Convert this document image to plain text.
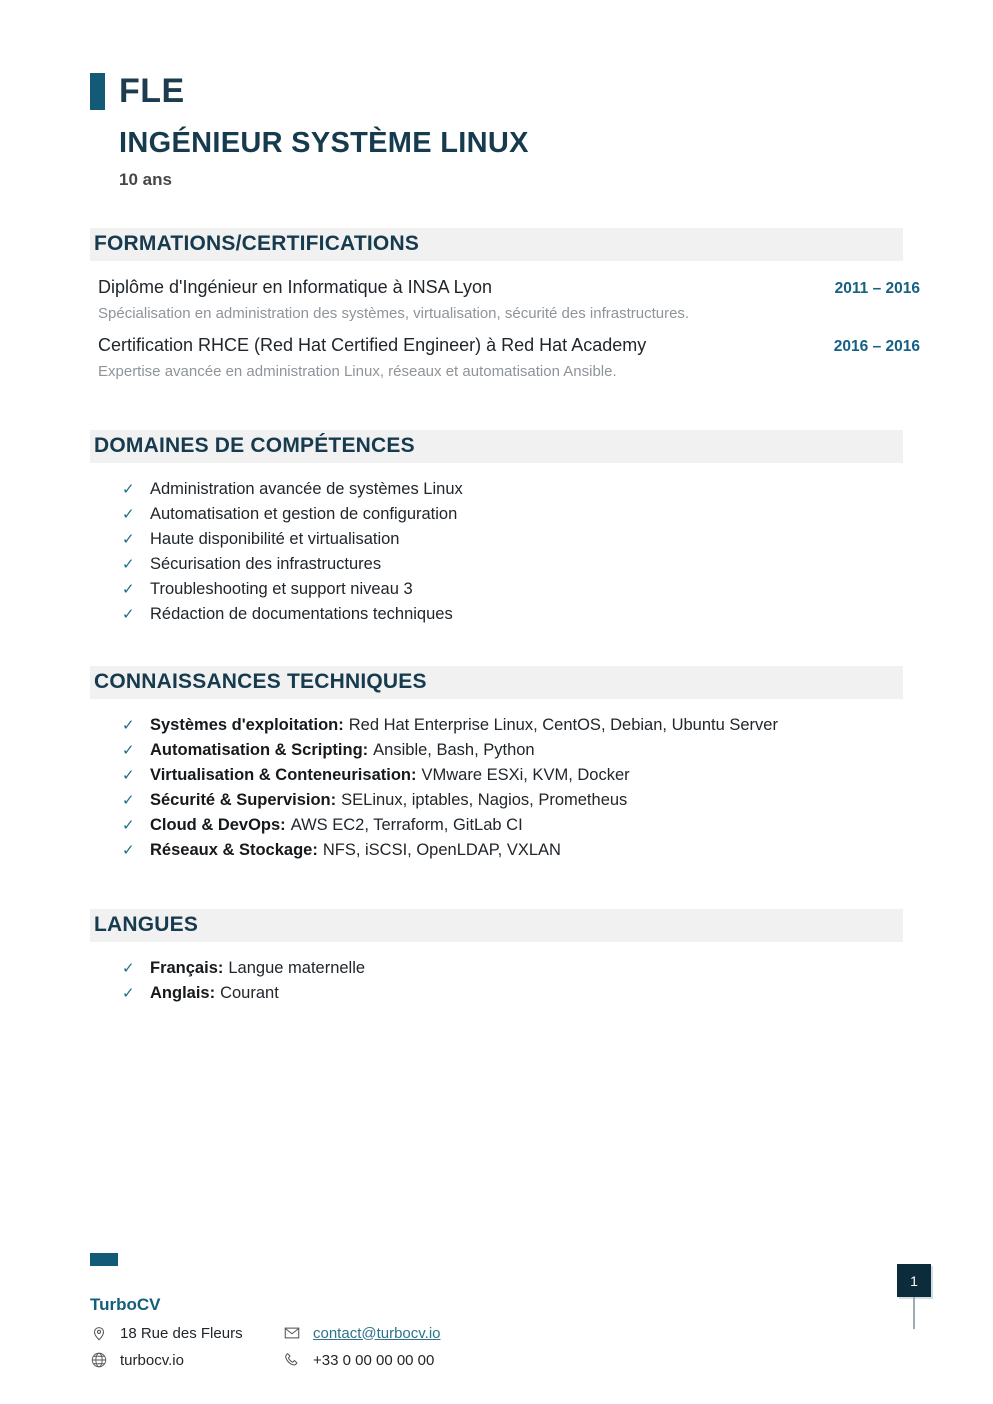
FLE
INGÉNIEUR SYSTÈME LINUX
10 ans
FORMATIONS/CERTIFICATIONS
Diplôme d'Ingénieur en Informatique à INSA Lyon	2011 – 2016
Spécialisation en administration des systèmes, virtualisation, sécurité des infrastructures.
Certification RHCE (Red Hat Certified Engineer) à Red Hat Academy	2016 – 2016
Expertise avancée en administration Linux, réseaux et automatisation Ansible.
DOMAINES DE COMPÉTENCES
✓ Administration avancée de systèmes Linux
✓ Automatisation et gestion de configuration
✓ Haute disponibilité et virtualisation
✓ Sécurisation des infrastructures
✓ Troubleshooting et support niveau 3
✓ Rédaction de documentations techniques
CONNAISSANCES TECHNIQUES
✓ Systèmes d'exploitation: Red Hat Enterprise Linux, CentOS, Debian, Ubuntu Server
✓ Automatisation & Scripting: Ansible, Bash, Python
✓ Virtualisation & Conteneurisation: VMware ESXi, KVM, Docker
✓ Sécurité & Supervision: SELinux, iptables, Nagios, Prometheus
✓ Cloud & DevOps: AWS EC2, Terraform, GitLab CI
✓ Réseaux & Stockage: NFS, iSCSI, OpenLDAP, VXLAN
LANGUES
✓ Français: Langue maternelle
✓ Anglais: Courant
TurboCV
18 Rue des Fleurs	contact@turbocv.io
turbocv.io	+33 0 00 00 00 00
1
